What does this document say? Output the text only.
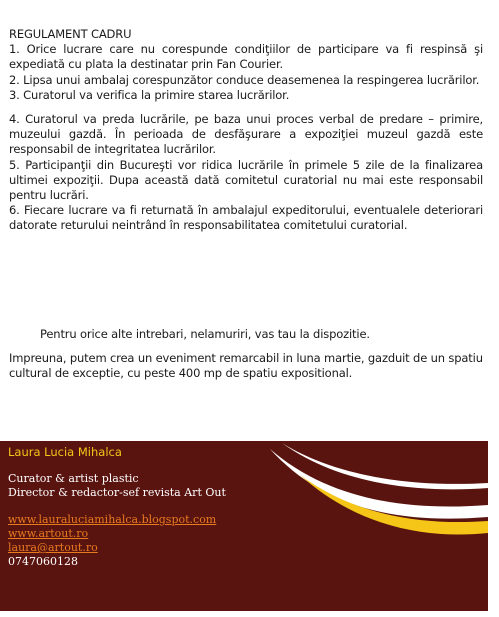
REGULAMENT CADRU

1. Orice lucrare care nu corespunde condiţiilor de participare va fi respinsă şi expediată cu plata la destinatar prin Fan Courier.

2. Lipsa unui ambalaj corespunzător conduce deasemenea la respingerea lucrărilor.

3. Curatorul va verifica la primire starea lucrărilor.

4. Curatorul va preda lucrările, pe baza unui proces verbal de predare – primire, muzeului gazdă. În perioada de desfăşurare a expoziţiei muzeul gazdă este responsabil de integritatea lucrărilor.

5. Participanţii din Bucureşti vor ridica lucrările în primele 5 zile de la finalizarea ultimei expoziţii. Dupa această dată comitetul curatorial nu mai este responsabil pentru lucrări.

6. Fiecare lucrare va fi returnată în ambalajul expeditorului, eventualele deteriorari datorate returului neintrând în responsabilitatea comitetului curatorial.

Pentru orice alte intrebari, nelamuriri, vas tau la dispozitie.
Impreuna, putem crea un eveniment remarcabil in luna martie, gazduit de un spatiu cultural de exceptie, cu peste 400 mp de spatiu expositional.
Laura Lucia Mihalca
Curator & artist plastic
Director & redactor-sef revista Art Out
www.lauraluciamihalca.blogspot.com
www.artout.ro
laura@artout.ro
0747060128
